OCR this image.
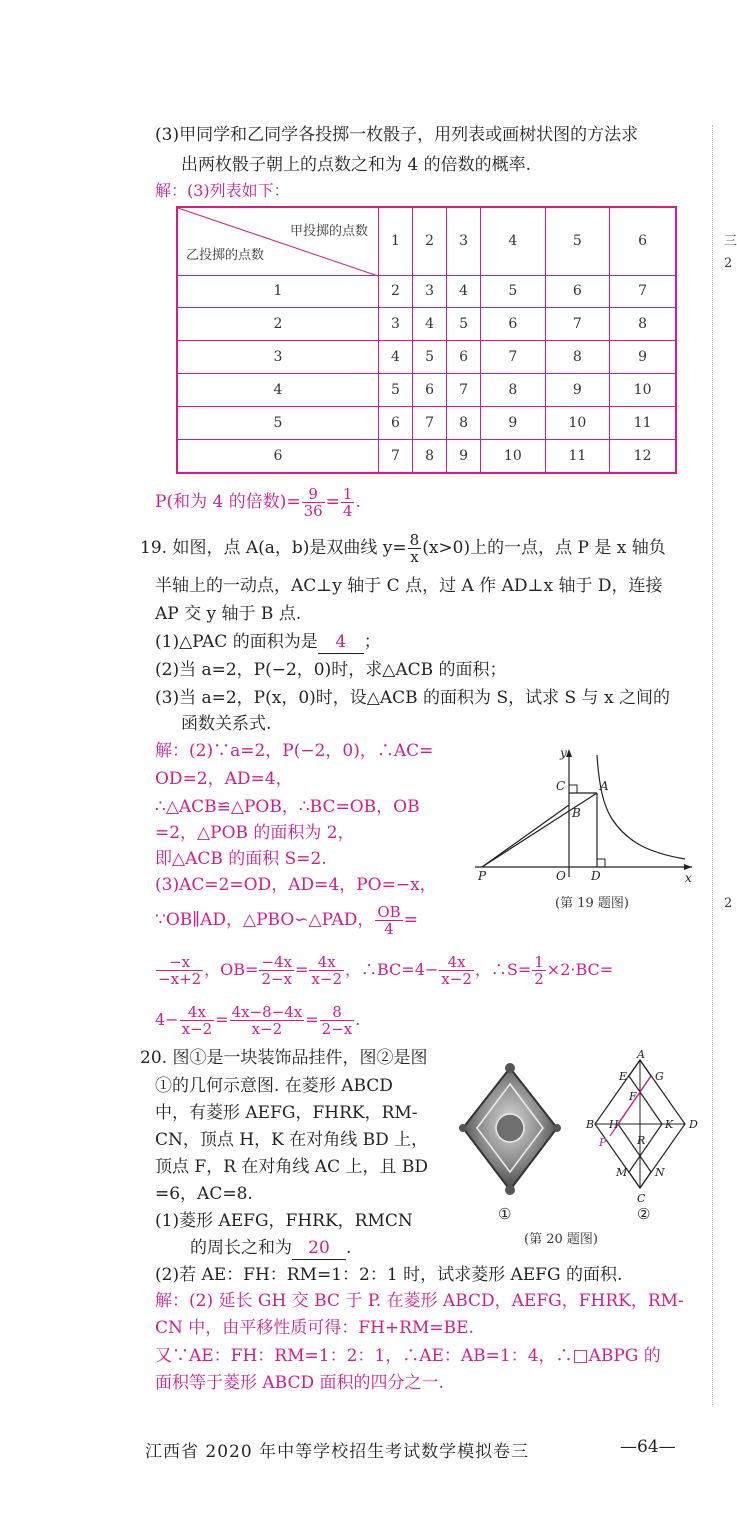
(3)甲同学和乙同学各投掷一枚骰子，用列表或画树状图的方法求
出两枚骰子朝上的点数之和为 4 的倍数的概率.
解：(3)列表如下：
甲投掷的点数
乙投掷的点数	1	2	3	4	5	6
1	2	3	4	5	6	7
2	3	4	5	6	7	8
3	4	5	6	7	8	9
4	5	6	7	8	9	10
5	6	7	8	9	10	11
6	7	8	9	10	11	12
P(和为 4 的倍数)= $\frac{9}{36} = \frac{1}{4}$ .
19. 如图，点 A(a，b)是双曲线 $y= \frac{8}{x} (x>0)$上的一点，点 P 是 x 轴负
半轴上的一动点，AC⊥y 轴于 C 点，过 A 作 AD⊥x 轴于 D，连接
AP 交 y 轴于 B 点.
(1)△PAC 的面积为是 4 ；
(2)当 a=2，P(−2，0)时，求△ACB 的面积；
(3)当 a=2，P(x，0)时，设△ACB 的面积为 S，试求 S 与 x 之间的
函数关系式.
解：(2)∵a=2，P(−2，0)，∴AC=
OD=2，AD=4，
∴△ACB≌△POB，∴BC=OB，OB
=2，△POB 的面积为 2，
即△ACB 的面积 S=2.
(3)AC=2=OD，AD=4，PO=−x，
∵OB∥AD，△PBO∽△PAD， $\frac{OB}{4}$ =
$\frac{-x}{-x+2}$ ，$OB= \frac{-4x}{2-x} = \frac{4x}{x-2}$ ，∴BC=4− $\frac{4x}{x-2}$ ，∴S= $\frac{1}{2} \times 2\cdot BC=$
$4- \frac{4x}{x-2} = \frac{4x-8-4x}{x-2} = \frac{8}{2-x}$ .
y
x
C	A
B
P	O D
(第 19 题图)
20. 图①是一块装饰品挂件，图②是图
①的几何示意图. 在菱形 ABCD
中，有菱形 AEFG，FHRK，RM-
CN，顶点 H，K 在对角线 BD 上，
顶点 F，R 在对角线 AC 上，且 BD
=6，AC=8.
(1)菱形 AEFG，FHRK，RMCN
的周长之和为 20 .
(2)若 AE：FH：RM=1：2：1 时，试求菱形 AEFG 的面积.
解：(2) 延长 GH 交 BC 于 P. 在菱形 ABCD，AEFG，FHRK，RM-
CN 中，由平移性质可得：FH+RM=BE.
又∵AE：FH：RM=1：2：1，∴AE：AB=1：4，∴□ABPG 的
面积等于菱形 ABCD 面积的四分之一.
①
A
E	G
F
B H
R
K D
P
M	N
C
②
(第 20 题图)
江西省 2020 年中等学校招生考试数学模拟卷三	—64—
三
2
2
